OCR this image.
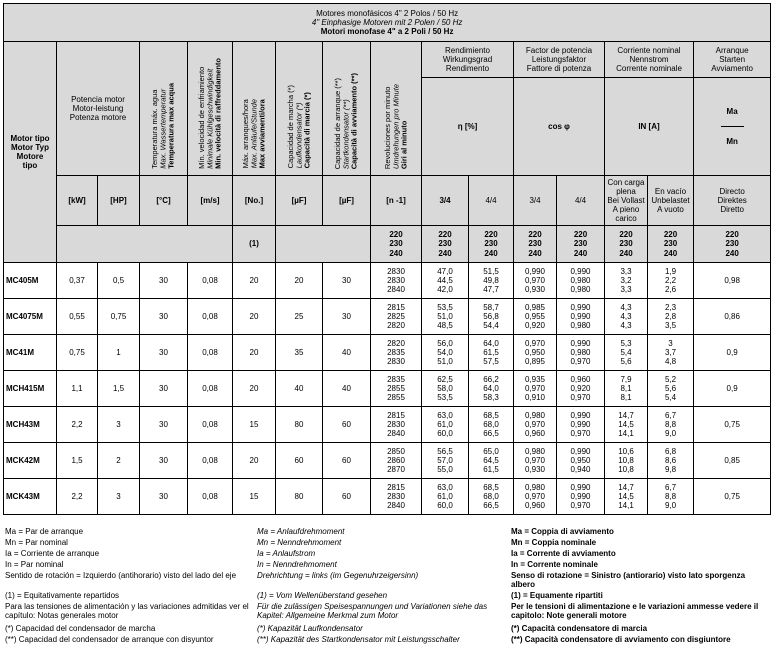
Motores monofásicos 4" 2 Polos / 50 Hz
4" Einphasige Motoren mit 2 Polen / 50 Hz
Motori monofase 4" a 2 Poli / 50 Hz																

Motor tipo
Motor Typ
Motore
tipo	Potencia motor
Motor-leistung
Potenza motore		Temperatura máx. agua
Max. Wassertemperatur
Temperatura max acqua	Mín. velocidad de enfriamiento
Minimale Kühlgeschwindigkeit
Min. velocità di raffreddamento	Máx. arranques/hora
Max. Anläufe/Stunde
Max avviamenti/ora	Capacidad de marcha (*)
Laufkondensator (*)
Capacità di marcia (*)	Capacidad de arranque (**)
Startkondensator (**)
Capacità di avviamento (**)	Revoluciones por minuto
Umdrehungen pro Minute
Giri al minuto	Rendimiento
Wirkungsgrad
Rendimento		Factor de potencia
Leistungsfaktor
Fattore di potenza		Corriente nominal
Nennstrom
Corrente nominale		Arranque
Starten
Avviamento	
									η [%]		cos φ		IN [A]		$\frac{Ma}{Mn}$

	[kW]	[HP]	[°C]	[m/s]	[No.]	[µF]	[µF]	[n -1]	3/4	4/4	3/4	4/4	Con carga
plena
Bei Vollast
A pieno
carico	En vacío
Unbelastet
A vuoto	Directo
Direktes
Diretto	
					(1)			220
230
240	220
230
240	220
230
240	220
230
240	220
230
240	220
230
240	220
230
240	220
230
240	
MC405M	0,37	0,5	30	0,08	20	20	30	2830
2830
2840	47,0
44,5
42,0	51,5
49,8
47,7	0,990
0,970
0,930	0,990
0,980
0,980	3,3
3,2
3,3	1,9
2,2
2,6	0,98	
MC4075M	0,55	0,75	30	0,08	20	25	30	2815
2825
2820	53,5
51,0
48,5	58,7
56,8
54,4	0,985
0,955
0,920	0,990
0,990
0,980	4,3
4,3
4,3	2,3
2,8
3,5	0,86	
MC41M	0,75	1	30	0,08	20	35	40	2820
2835
2830	56,0
54,0
51,0	64,0
61,5
57,5	0,970
0,950
0,895	0,990
0,980
0,970	5,3
5,4
5,6	3
3,7
4,8	0,9	
MCH415M	1,1	1,5	30	0,08	20	40	40	2835
2855
2855	62,5
58,0
53,5	66,2
64,0
58,3	0,935
0,970
0,910	0,960
0,920
0,970	7,9
8,1
8,1	5,2
5,6
5,4	0,9	
MCH43M	2,2	3	30	0,08	15	80	60	2815
2830
2840	63,0
61,0
60,0	68,5
68,0
66,5	0,980
0,970
0,960	0,990
0,990
0,970	14,7
14,5
14,1	6,7
8,8
9,0	0,75	
MCK42M	1,5	2	30	0,08	20	60	60	2850
2860
2870	56,5
57,0
55,0	65,0
64,5
61,5	0,980
0,970
0,930	0,990
0,950
0,940	10,6
10,8
10,8	6,8
8,6
9,8	0,85	
MCK43M	2,2	3	30	0,08	15	80	60	2815
2830
2840	63,0
61,0
60,0	68,5
68,0
66,5	0,980
0,970
0,960	0,990
0,990
0,970	14,7
14,5
14,1	6,7
8,8
9,0	0,75	
Ma = Par de arranque	Ma = Anlaufdrehmoment	Ma = Coppia di avviamento
Mn = Par nominal	Mn = Nenndrehmoment	Mn = Coppia nominale
Ia = Corriente de arranque	Ia = Anlaufstrom	Ia = Corrente di avviamento
In = Par nominal	In = Nenndrehmoment	In = Corrente nominale
Sentido de rotación = Izquierdo (antihorario) visto del lado del eje	Drehrichtung = links (im Gegenuhrzeigersinn)	Senso di rotazione = Sinistro (antiorario) visto lato sporgenza albero
(1) = Equitativamente repartidos	(1) = Vom Wellenüberstand gesehen	(1) = Equamente ripartiti
Para las tensiones de alimentación y las variaciones admitidas ver el capítulo: Notas generales motor
Für die zulässigen Speisespannungen und Variationen siehe das Kapitel: Allgemeine Merkmal zum Motor
Per le tensioni di alimentazione e le variazioni ammesse vedere il capitolo: Note generali motore
(*) Capacidad del condensador de marcha	(*) Kapazität Laufkondensator	(*) Capacità condensatore di marcia
(**) Capacidad del condensador de arranque con disyuntor	(**) Kapazität des Startkondensator mit Leistungsschalter	(**) Capacità condensatore di avviamento con disgiuntore
